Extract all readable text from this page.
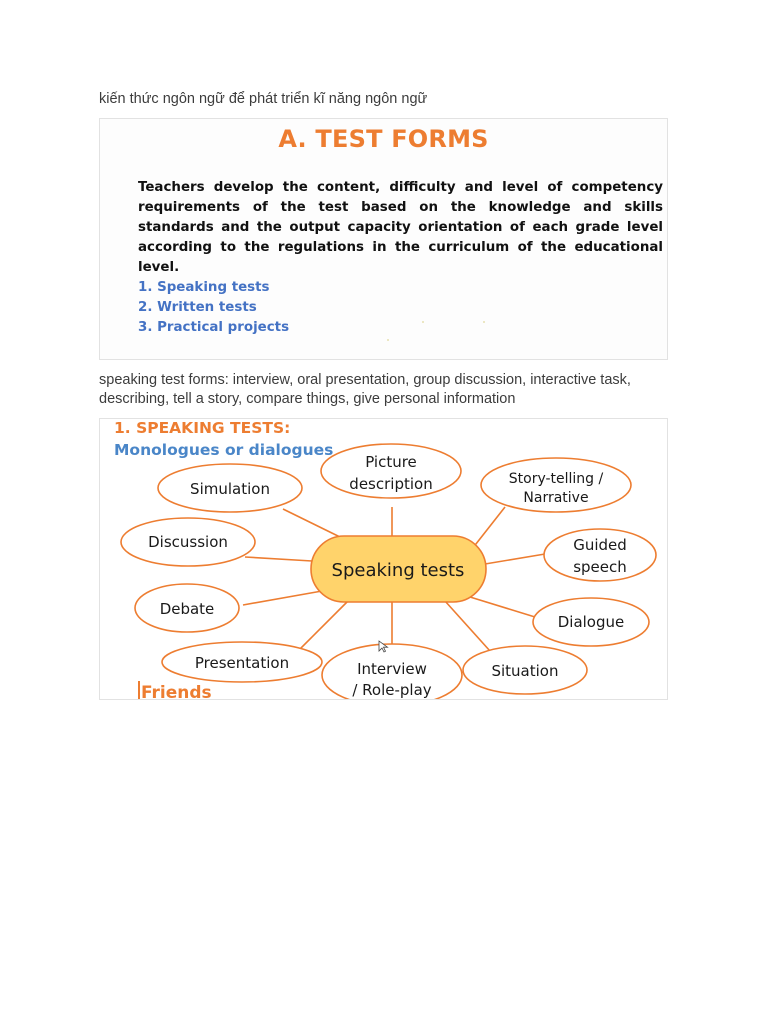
kiến thức ngôn ngữ để phát triển kĩ năng ngôn ngữ
A. TEST FORMS
Teachers develop the content, difficulty and level of competency requirements of the test based on the knowledge and skills standards and the output capacity orientation of each grade level according to the regulations in the curriculum of the educational level.
1. Speaking tests
2. Written tests
3. Practical projects
speaking test forms: interview, oral presentation, group discussion, interactive task, describing, tell a story, compare things, give personal information
Speaking tests
Picture
description	Story-telling /
Narrative
Simulation
Discussion	Guided
speech
Debate
Dialogue
Presentation	Interview
/ Role-play
Situation
1. SPEAKING TESTS:
Monologues or dialogues
Friends
